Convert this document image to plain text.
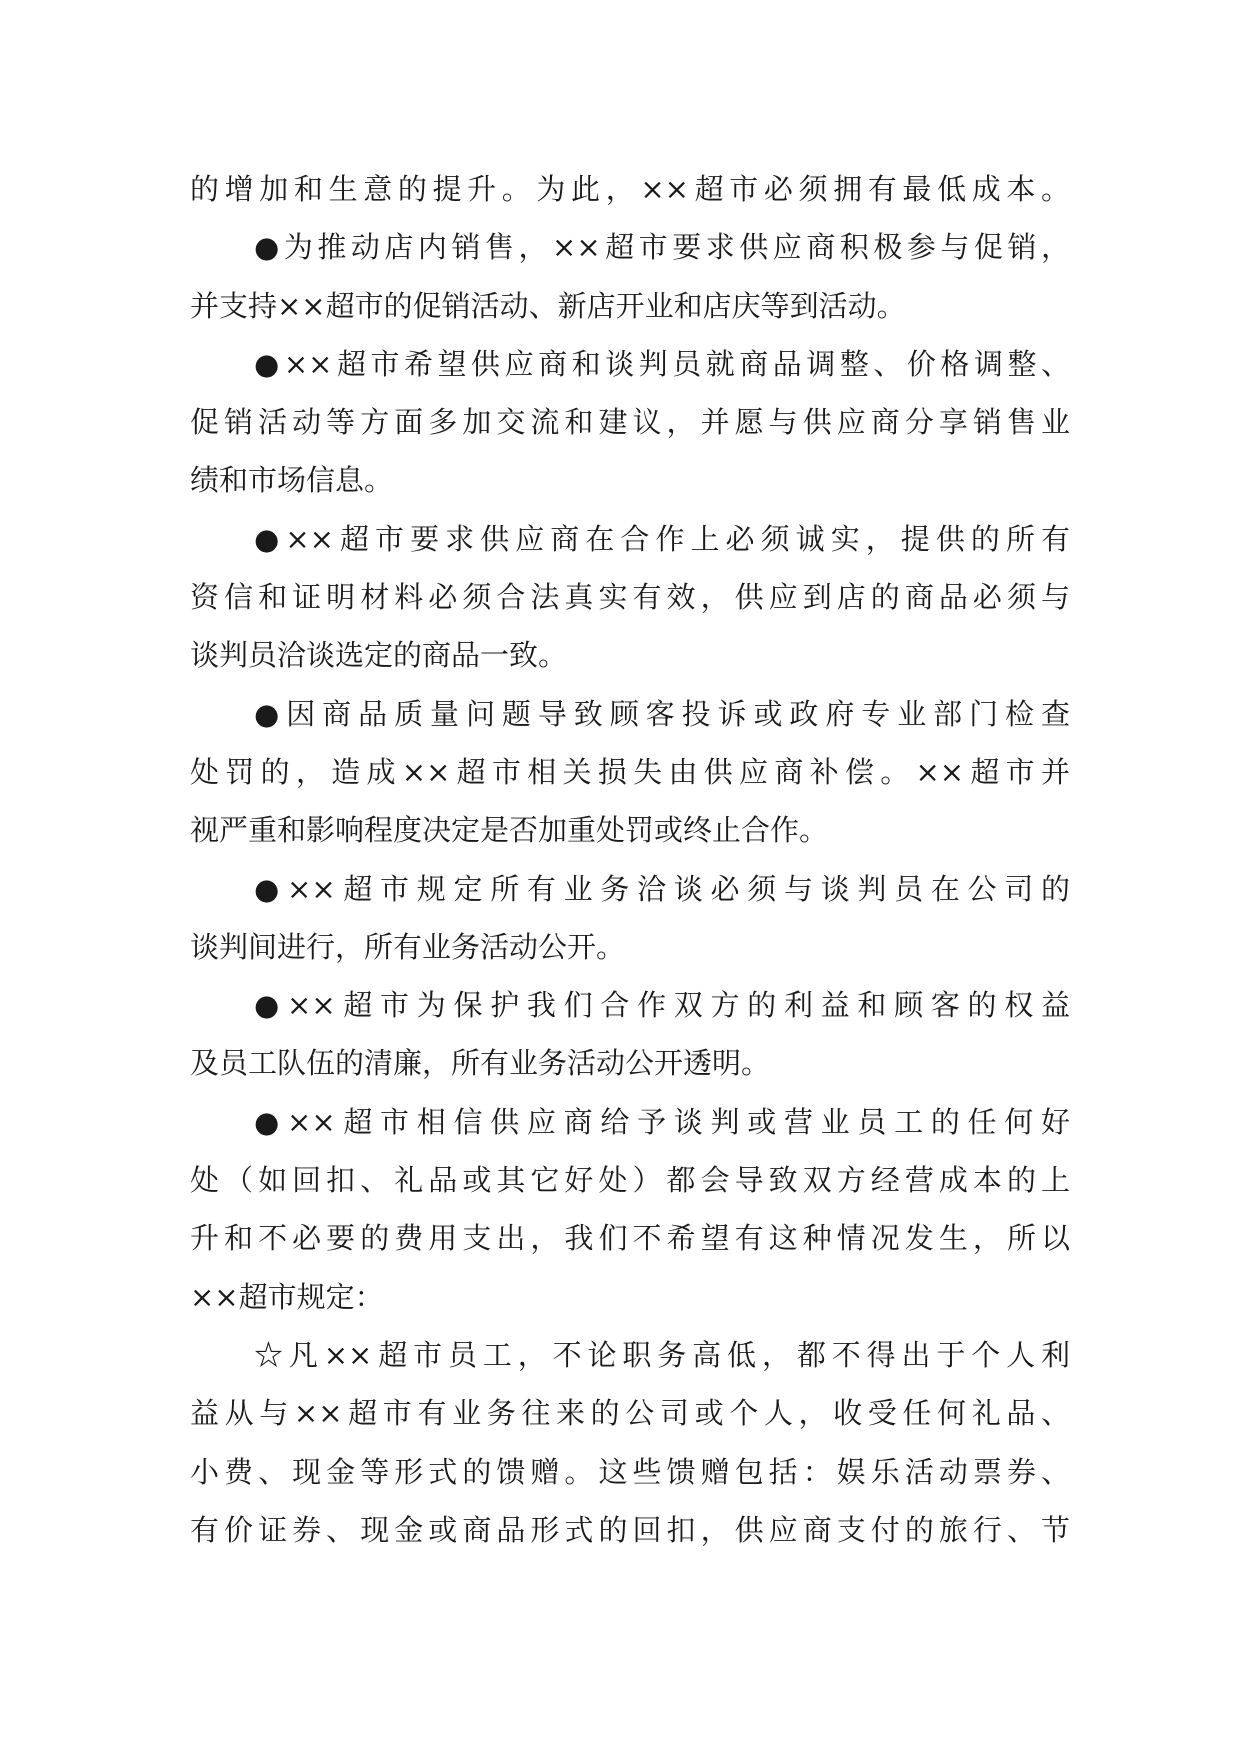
的增加和生意的提升。为此，××超市必须拥有最低成本。
●为推动店内销售，××超市要求供应商积极参与促销，
并支持××超市的促销活动、新店开业和店庆等到活动。
●××超市希望供应商和谈判员就商品调整、价格调整、
促销活动等方面多加交流和建议，并愿与供应商分享销售业
绩和市场信息。
●××超市要求供应商在合作上必须诚实，提供的所有
资信和证明材料必须合法真实有效，供应到店的商品必须与
谈判员洽谈选定的商品一致。
●因商品质量问题导致顾客投诉或政府专业部门检查
处罚的，造成××超市相关损失由供应商补偿。××超市并
视严重和影响程度决定是否加重处罚或终止合作。
●××超市规定所有业务洽谈必须与谈判员在公司的
谈判间进行，所有业务活动公开。
●××超市为保护我们合作双方的利益和顾客的权益
及员工队伍的清廉，所有业务活动公开透明。
●××超市相信供应商给予谈判或营业员工的任何好
处（如回扣、礼品或其它好处）都会导致双方经营成本的上
升和不必要的费用支出，我们不希望有这种情况发生，所以
××超市规定：
☆凡××超市员工，不论职务高低，都不得出于个人利
益从与××超市有业务往来的公司或个人，收受任何礼品、
小费、现金等形式的馈赠。这些馈赠包括：娱乐活动票券、
有价证券、现金或商品形式的回扣，供应商支付的旅行、节
